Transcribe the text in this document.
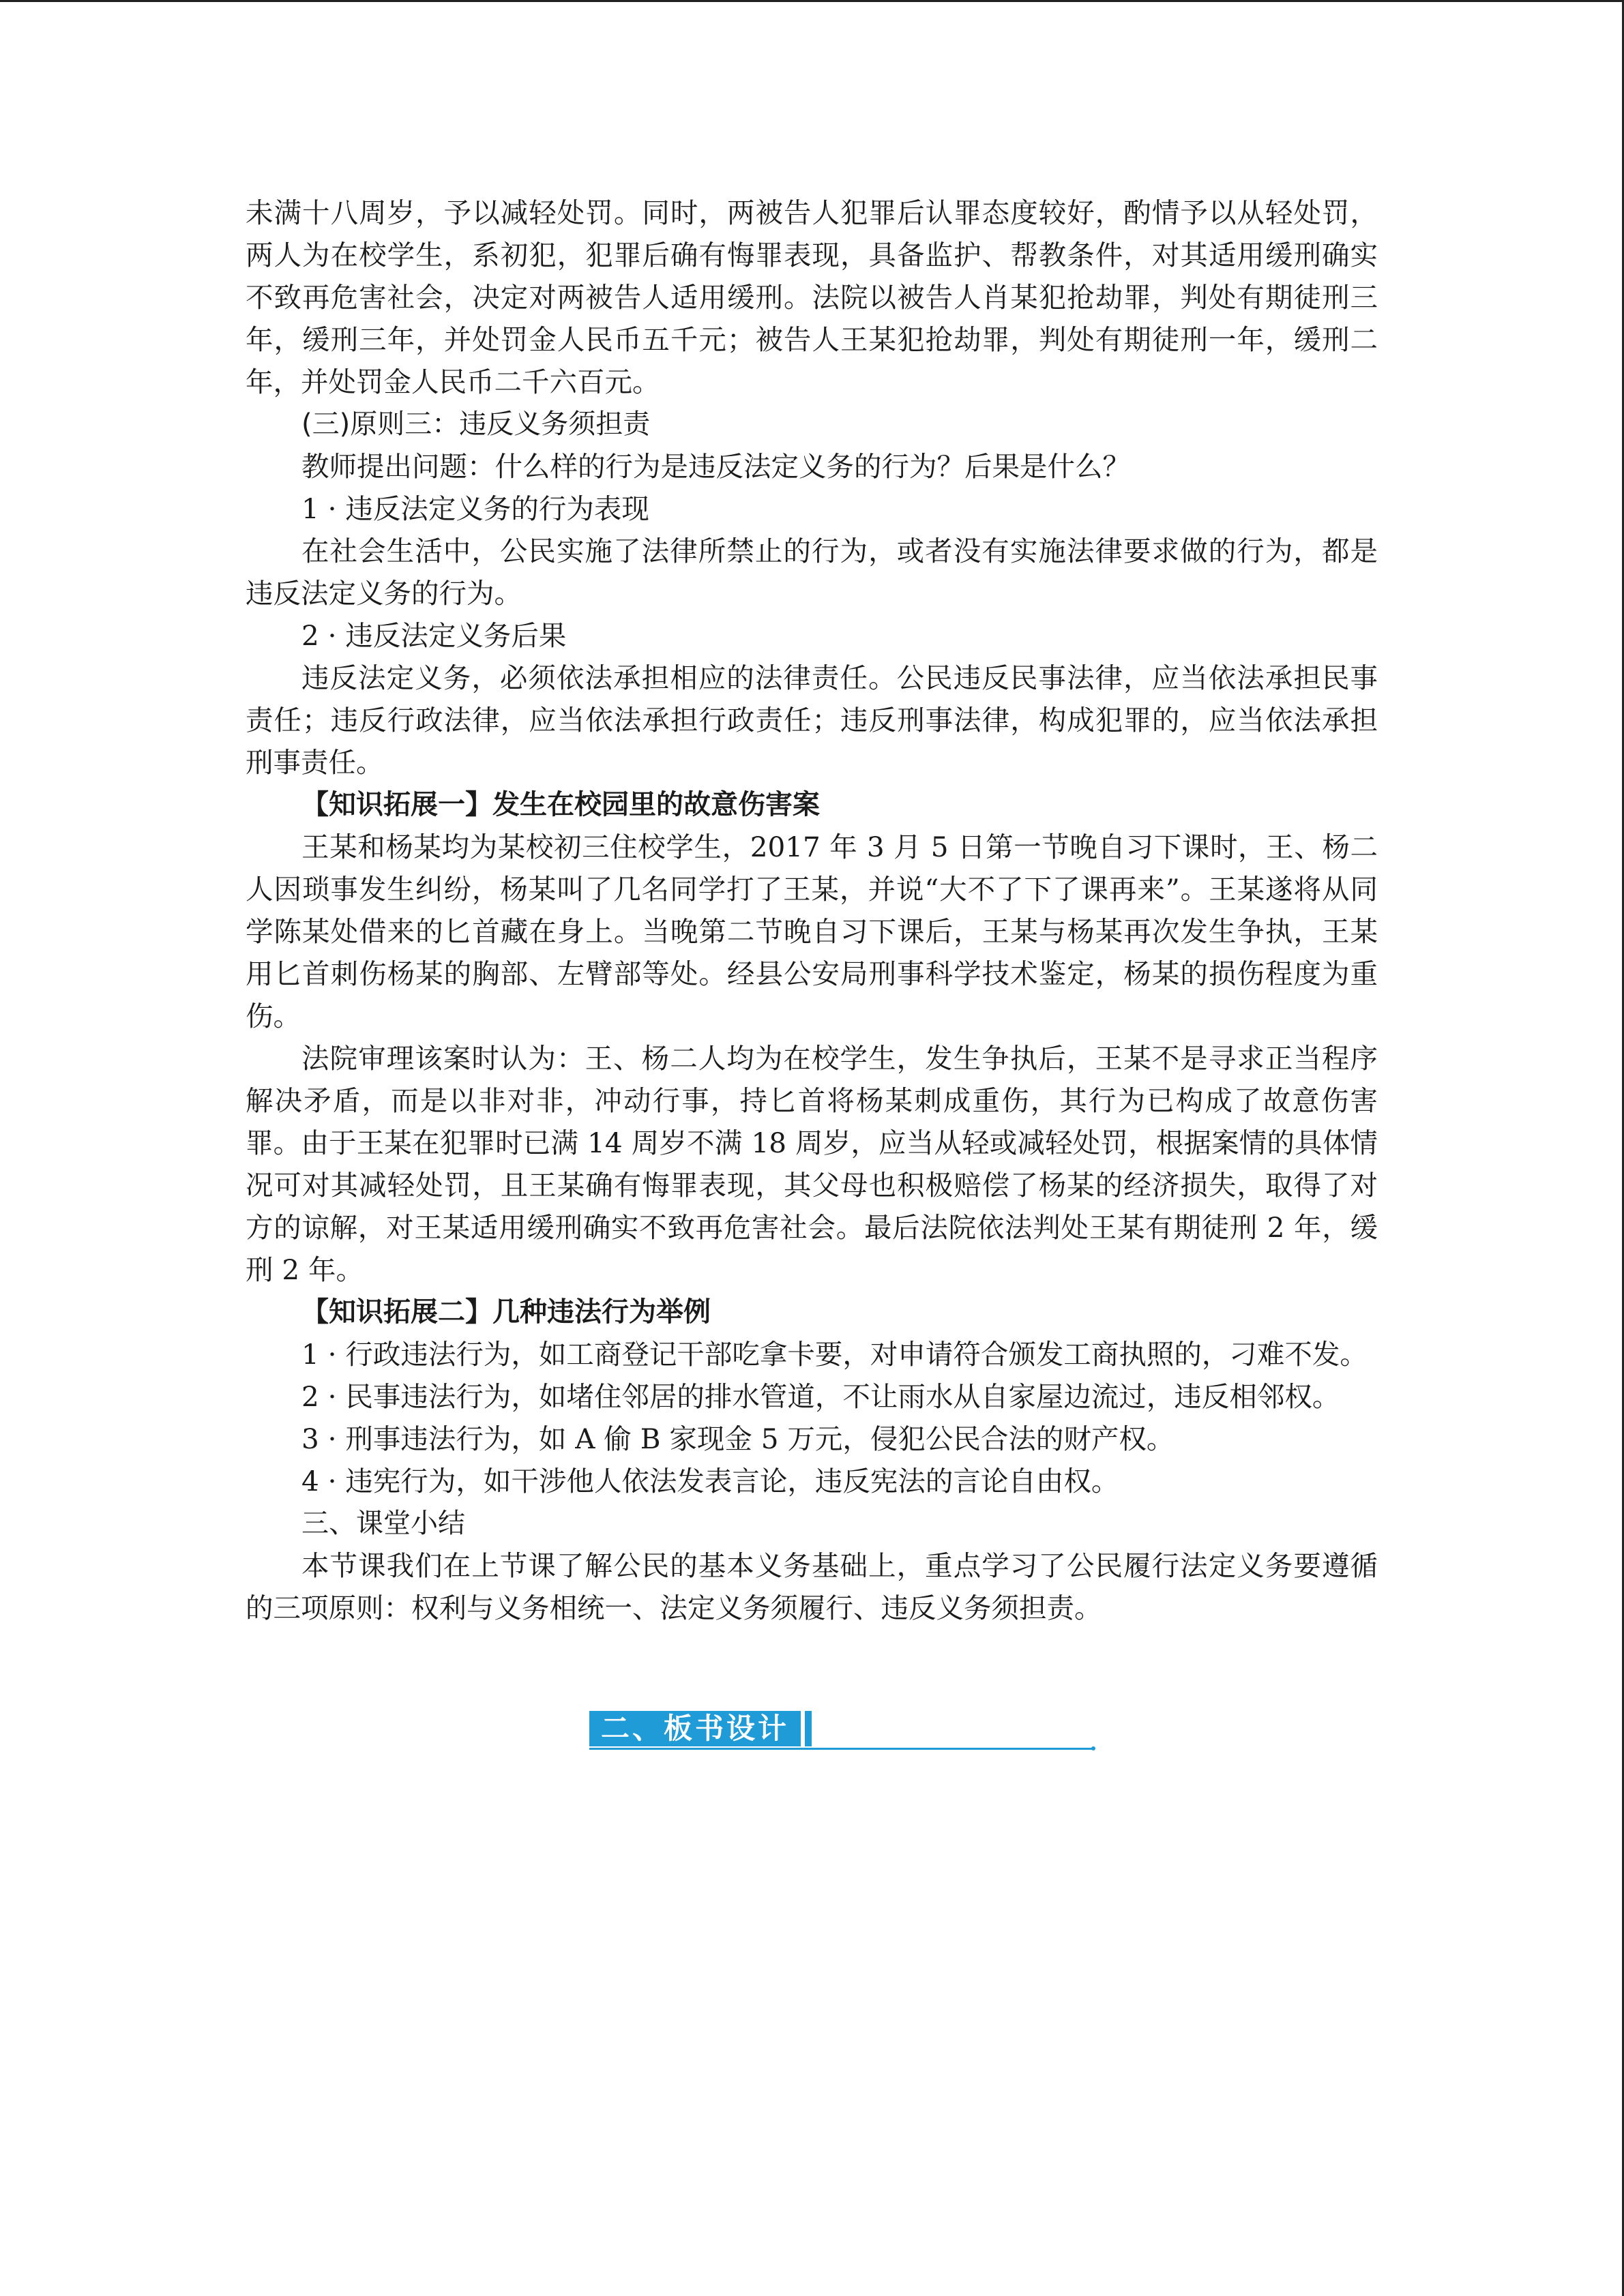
未满十八周岁，予以减轻处罚。同时，两被告人犯罪后认罪态度较好，酌情予以从轻处罚，两人为在校学生，系初犯，犯罪后确有悔罪表现，具备监护、帮教条件，对其适用缓刑确实不致再危害社会，决定对两被告人适用缓刑。法院以被告人肖某犯抢劫罪，判处有期徒刑三年，缓刑三年，并处罚金人民币五千元；被告人王某犯抢劫罪，判处有期徒刑一年，缓刑二年，并处罚金人民币二千六百元。

(三)原则三：违反义务须担责

教师提出问题：什么样的行为是违反法定义务的行为？后果是什么？

1 · 违反法定义务的行为表现

在社会生活中，公民实施了法律所禁止的行为，或者没有实施法律要求做的行为，都是违反法定义务的行为。

2 · 违反法定义务后果

违反法定义务，必须依法承担相应的法律责任。公民违反民事法律，应当依法承担民事责任；违反行政法律，应当依法承担行政责任；违反刑事法律，构成犯罪的，应当依法承担刑事责任。

【知识拓展一】发生在校园里的故意伤害案

王某和杨某均为某校初三住校学生，2017 年 3 月 5 日第一节晚自习下课时，王、杨二人因琐事发生纠纷，杨某叫了几名同学打了王某，并说“大不了下了课再来”。王某遂将从同学陈某处借来的匕首藏在身上。当晚第二节晚自习下课后，王某与杨某再次发生争执，王某用匕首刺伤杨某的胸部、左臂部等处。经县公安局刑事科学技术鉴定，杨某的损伤程度为重伤。

法院审理该案时认为：王、杨二人均为在校学生，发生争执后，王某不是寻求正当程序解决矛盾，而是以非对非，冲动行事，持匕首将杨某刺成重伤，其行为已构成了故意伤害罪。由于王某在犯罪时已满 14 周岁不满 18 周岁，应当从轻或减轻处罚，根据案情的具体情况可对其减轻处罚，且王某确有悔罪表现，其父母也积极赔偿了杨某的经济损失，取得了对方的谅解，对王某适用缓刑确实不致再危害社会。最后法院依法判处王某有期徒刑 2 年，缓刑 2 年。

【知识拓展二】几种违法行为举例

1 · 行政违法行为，如工商登记干部吃拿卡要，对申请符合颁发工商执照的，刁难不发。

2 · 民事违法行为，如堵住邻居的排水管道，不让雨水从自家屋边流过，违反相邻权。

3 · 刑事违法行为，如 A 偷 B 家现金 5 万元，侵犯公民合法的财产权。

4 · 违宪行为，如干涉他人依法发表言论，违反宪法的言论自由权。

三、课堂小结

本节课我们在上节课了解公民的基本义务基础上，重点学习了公民履行法定义务要遵循的三项原则：权利与义务相统一、法定义务须履行、违反义务须担责。

二、板书设计
